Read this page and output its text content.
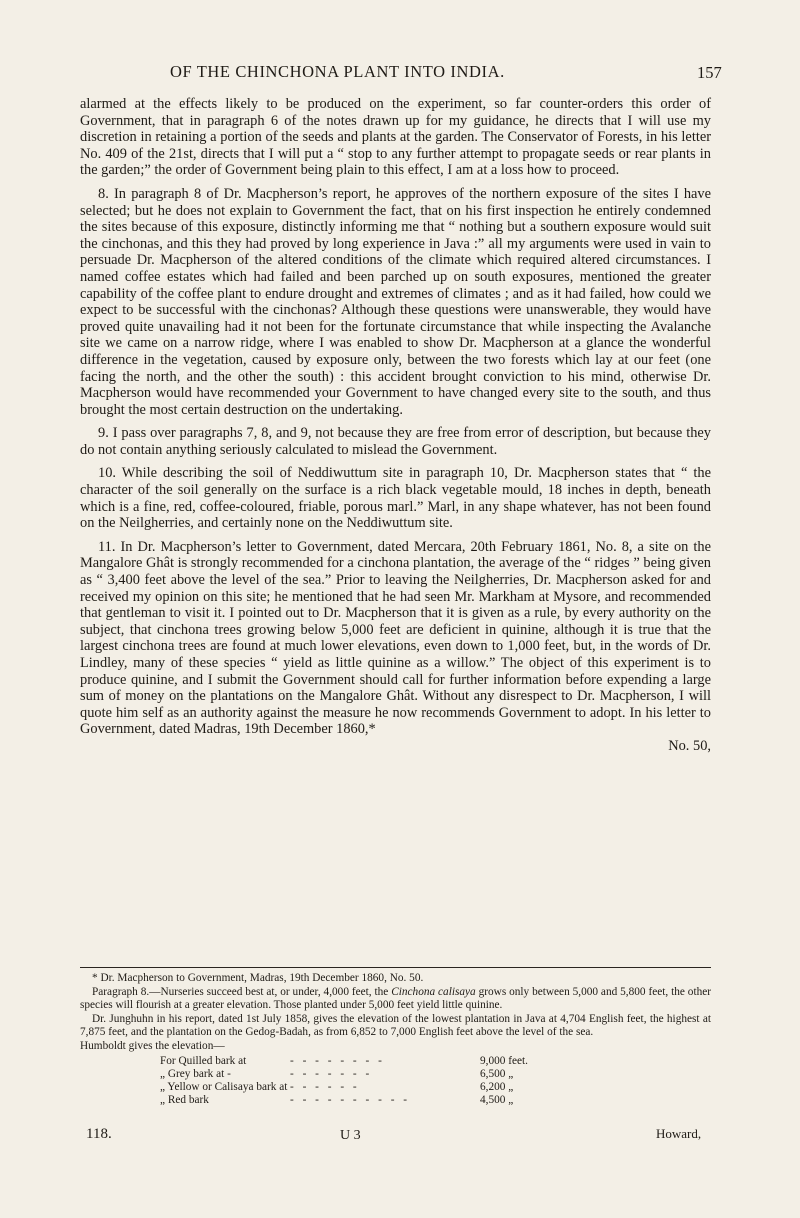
OF THE CHINCHONA PLANT INTO INDIA.	157

alarmed at the effects likely to be produced on the experiment, so far counter-orders this order of Government, that in paragraph 6 of the notes drawn up for my guidance, he directs that I will use my discretion in retaining a portion of the seeds and plants at the garden. The Conservator of Forests, in his letter No. 409 of the 21st, directs that I will put a “ stop to any further attempt to propagate seeds or rear plants in the garden;” the order of Government being plain to this effect, I am at a loss how to proceed.

8. In paragraph 8 of Dr. Macpherson’s report, he approves of the northern exposure of the sites I have selected; but he does not explain to Government the fact, that on his first inspection he entirely condemned the sites because of this exposure, distinctly informing me that “ nothing but a southern exposure would suit the cinchonas, and this they had proved by long experience in Java :” all my arguments were used in vain to persuade Dr. Macpherson of the altered conditions of the climate which required altered circumstances. I named coffee estates which had failed and been parched up on south exposures, mentioned the greater capability of the coffee plant to endure drought and extremes of climates ; and as it had failed, how could we expect to be successful with the cinchonas? Although these questions were unanswerable, they would have proved quite unavailing had it not been for the fortunate circumstance that while inspecting the Avalanche site we came on a narrow ridge, where I was enabled to show Dr. Macpherson at a glance the wonderful difference in the vegetation, caused by exposure only, between the two forests which lay at our feet (one facing the north, and the other the south) : this accident brought conviction to his mind, otherwise Dr. Macpherson would have recommended your Government to have changed every site to the south, and thus brought the most certain destruction on the undertaking.

9. I pass over paragraphs 7, 8, and 9, not because they are free from error of description, but because they do not contain anything seriously calculated to mislead the Government.

10. While describing the soil of Neddiwuttum site in paragraph 10, Dr. Macpherson states that “ the character of the soil generally on the surface is a rich black vegetable mould, 18 inches in depth, beneath which is a fine, red, coffee-coloured, friable, porous marl.” Marl, in any shape whatever, has not been found on the Neilgherries, and certainly none on the Neddiwuttum site.

11. In Dr. Macpherson’s letter to Government, dated Mercara, 20th February 1861, No. 8, a site on the Mangalore Ghât is strongly recommended for a cinchona plantation, the average of the “ ridges ” being given as “ 3,400 feet above the level of the sea.” Prior to leaving the Neilgherries, Dr. Macpherson asked for and received my opinion on this site; he mentioned that he had seen Mr. Markham at Mysore, and recommended that gentleman to visit it. I pointed out to Dr. Macpherson that it is given as a rule, by every authority on the subject, that cinchona trees growing below 5,000 feet are deficient in quinine, although it is true that the largest cinchona trees are found at much lower elevations, even down to 1,000 feet, but, in the words of Dr. Lindley, many of these species “ yield as little quinine as a willow.” The object of this experiment is to produce quinine, and I submit the Government should call for further information before expending a large sum of money on the plantations on the Mangalore Ghât. Without any disrespect to Dr. Macpherson, I will quote him self as an authority against the measure he now recommends Government to adopt. In his letter to Government, dated Madras, 19th December 1860,*

No. 50,

* Dr. Macpherson to Government, Madras, 19th December 1860, No. 50.

Paragraph 8.—Nurseries succeed best at, or under, 4,000 feet, the Cinchona calisaya grows only between 5,000 and 5,800 feet, the other species will flourish at a greater elevation. Those planted under 5,000 feet yield little quinine.

Dr. Junghuhn in his report, dated 1st July 1858, gives the elevation of the lowest plantation in Java at 4,704 English feet, the highest at 7,875 feet, and the plantation on the Gedog-Badah, as from 6,852 to 7,000 English feet above the level of the sea.

Humboldt gives the elevation—

For Quilled bark at	- - - - - - - -	9,000 feet.
„ Grey bark at -	- - - - - - -	6,500 „
„ Yellow or Calisaya bark at	- - - - - -	6,200 „
„ Red bark	- - - - - - - - - -	4,500 „
118.	U 3	Howard,
